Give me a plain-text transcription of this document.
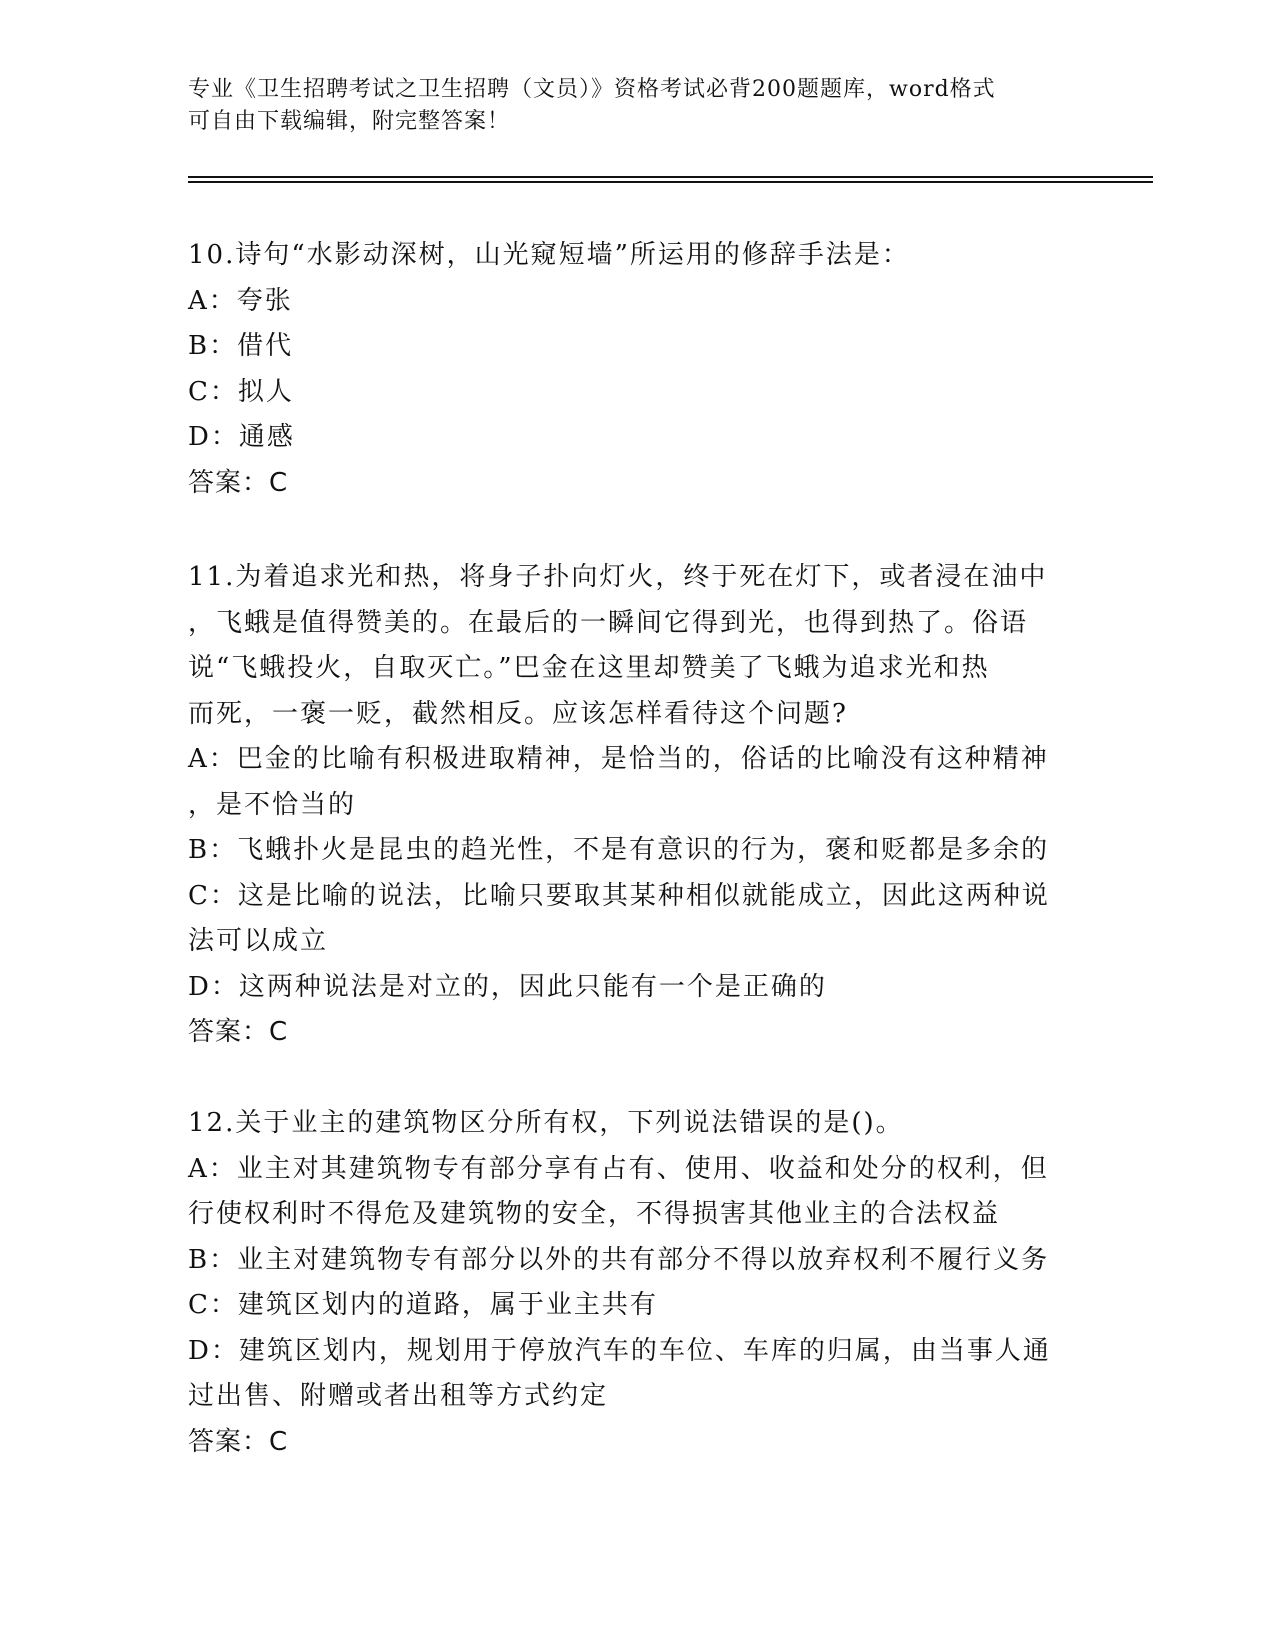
专业《卫生招聘考试之卫生招聘（文员）》资格考试必背200题题库，word格式
可自由下载编辑，附完整答案！
10.诗句“水影动深树，山光窥短墙”所运用的修辞手法是：
A：夸张
B：借代
C：拟人
D：通感
答案：C
11.为着追求光和热，将身子扑向灯火，终于死在灯下，或者浸在油中
，飞蛾是值得赞美的。在最后的一瞬间它得到光，也得到热了。俗语
说“飞蛾投火，自取灭亡。”巴金在这里却赞美了飞蛾为追求光和热
而死，一褒一贬，截然相反。应该怎样看待这个问题?
A：巴金的比喻有积极进取精神，是恰当的，俗话的比喻没有这种精神
，是不恰当的
B：飞蛾扑火是昆虫的趋光性，不是有意识的行为，褒和贬都是多余的
C：这是比喻的说法，比喻只要取其某种相似就能成立，因此这两种说
法可以成立
D：这两种说法是对立的，因此只能有一个是正确的
答案：C
12.关于业主的建筑物区分所有权，下列说法错误的是()。
A：业主对其建筑物专有部分享有占有、使用、收益和处分的权利，但
行使权利时不得危及建筑物的安全，不得损害其他业主的合法权益
B：业主对建筑物专有部分以外的共有部分不得以放弃权利不履行义务
C：建筑区划内的道路，属于业主共有
D：建筑区划内，规划用于停放汽车的车位、车库的归属，由当事人通
过出售、附赠或者出租等方式约定
答案：C
